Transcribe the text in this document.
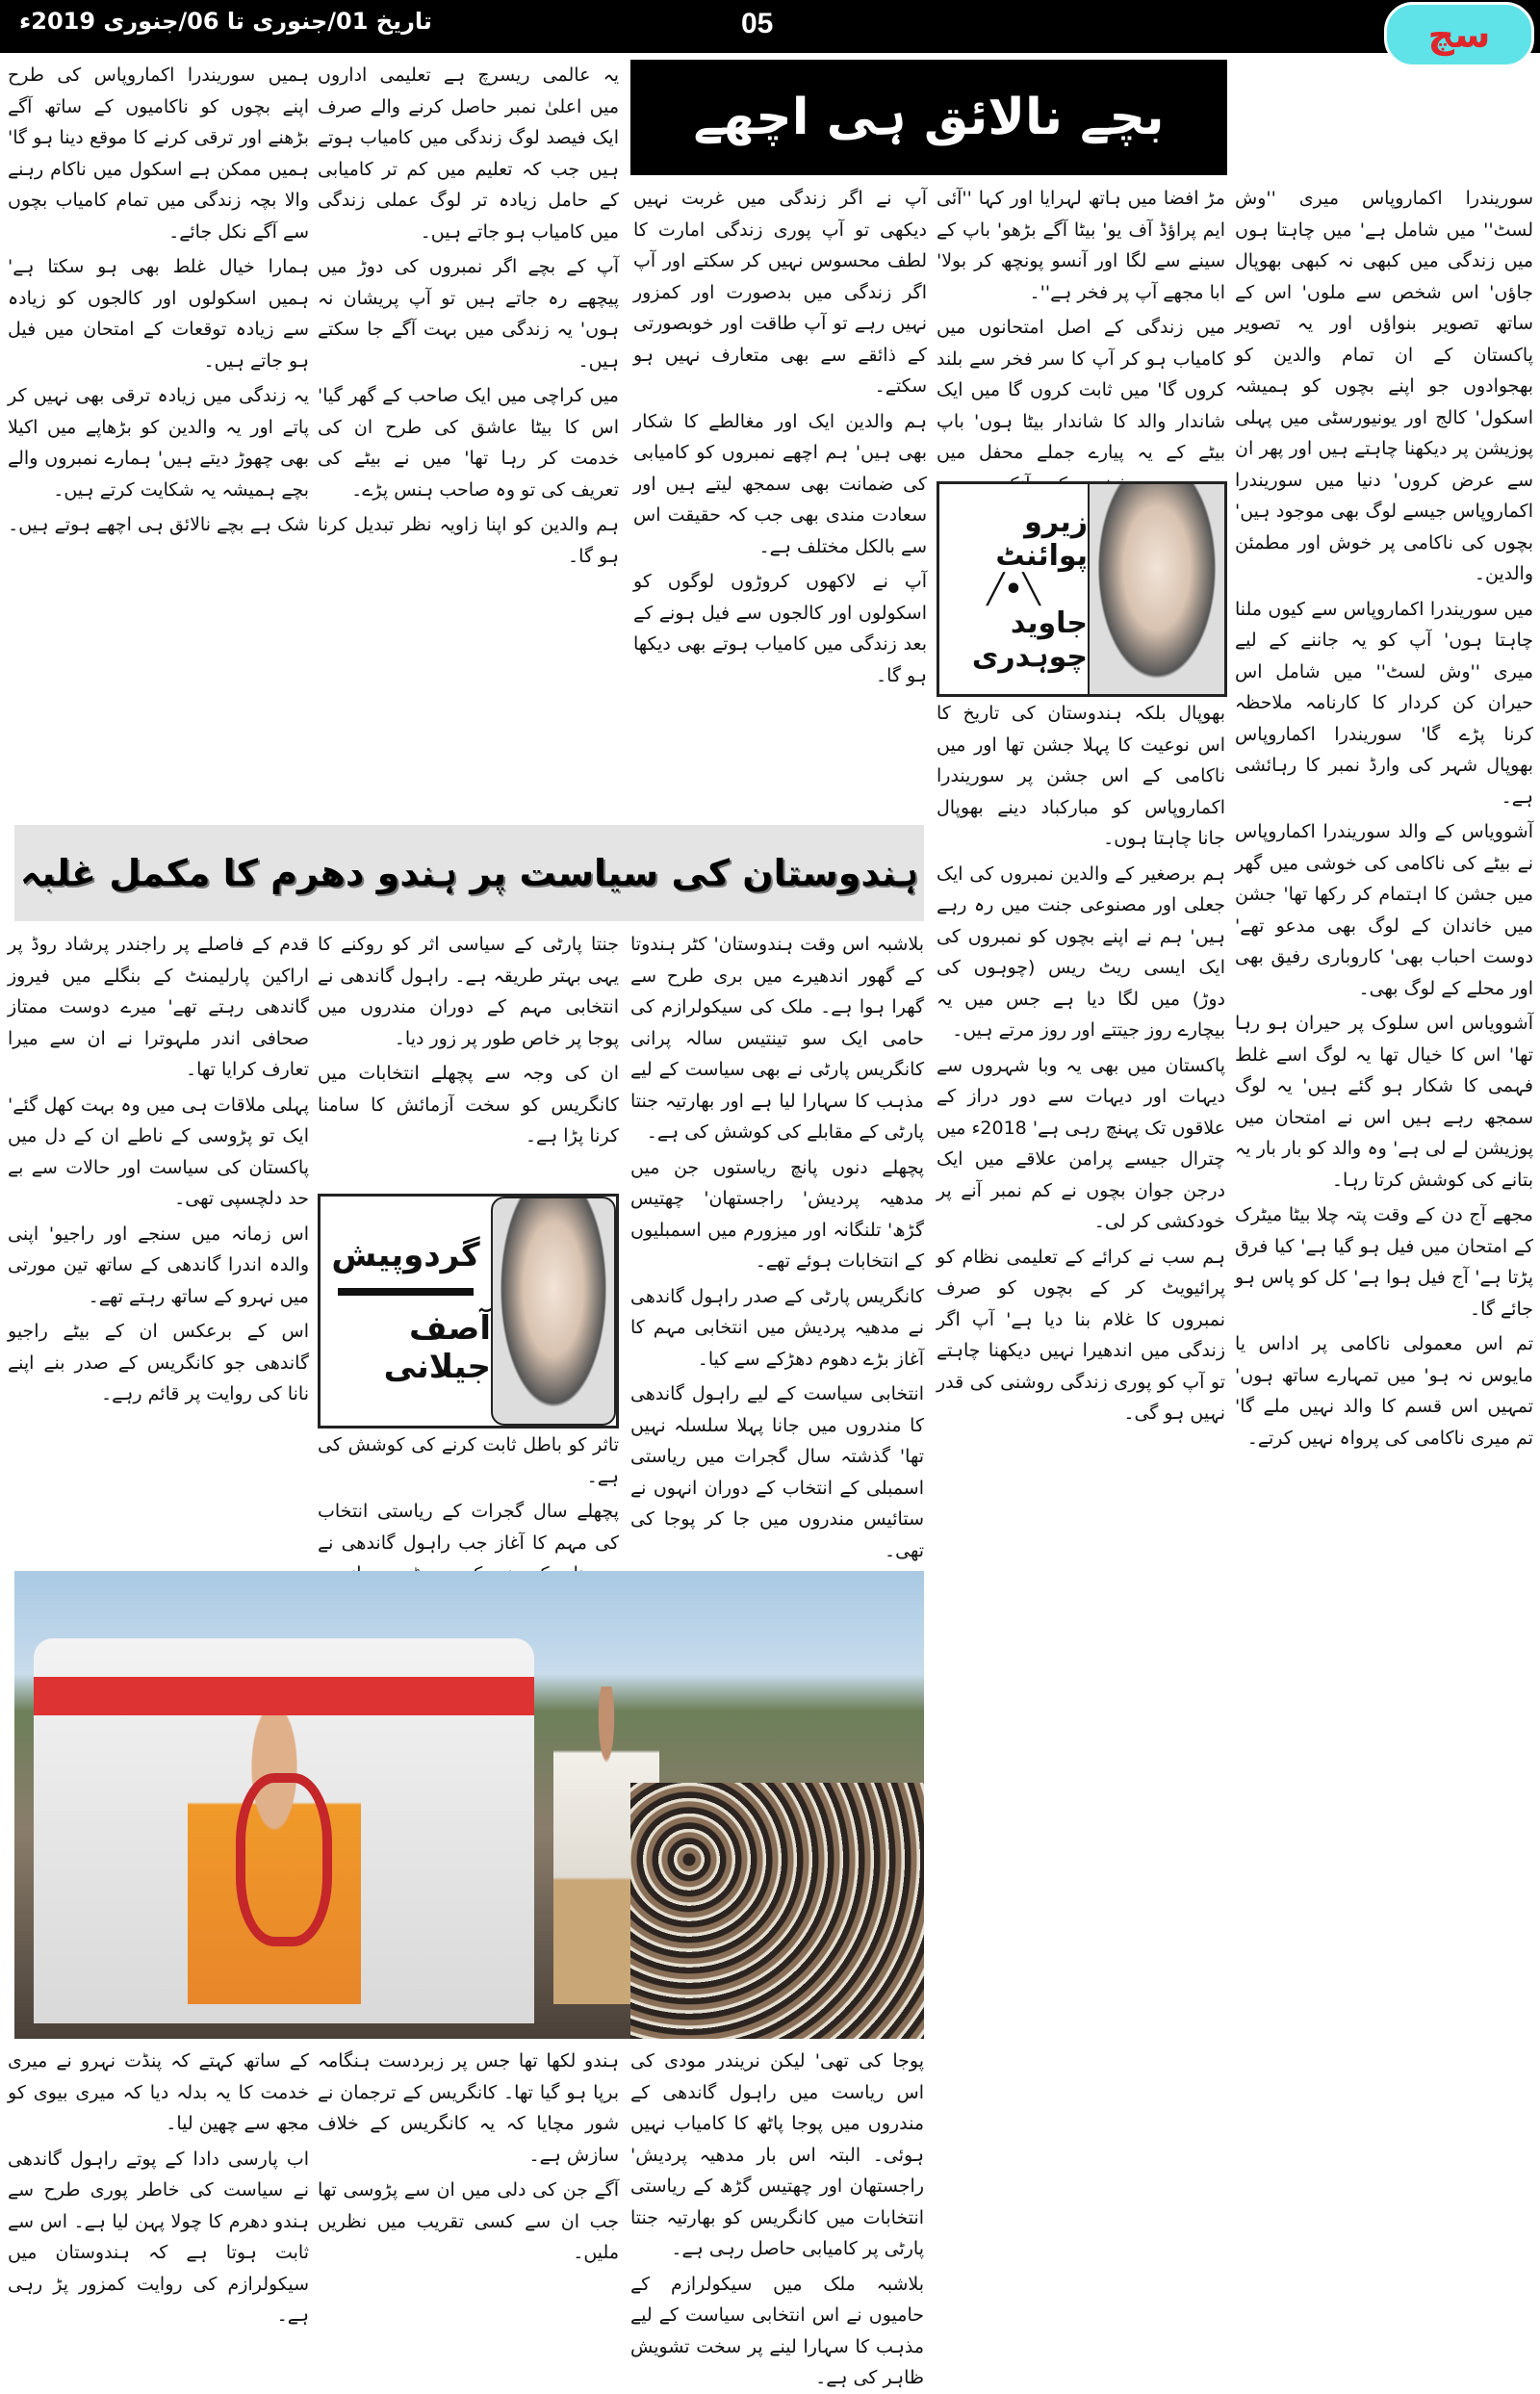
تاریخ 01/جنوری تا 06/جنوری 2019ء	05	سچ
بچے نالائق ہی اچھے

سوریندرا اکماروپاس میری ''وش لسٹ'' میں شامل ہے' میں چاہتا ہوں میں زندگی میں کبھی نہ کبھی بھوپال جاؤں' اس شخص سے ملوں' اس کے ساتھ تصویر بنواؤں اور یہ تصویر پاکستان کے ان تمام والدین کو بھجوادوں جو اپنے بچوں کو ہمیشہ اسکول' کالج اور یونیورسٹی میں پہلی پوزیشن پر دیکھنا چاہتے ہیں اور پھر ان سے عرض کروں' دنیا میں سوریندرا اکماروپاس جیسے لوگ بھی موجود ہیں' بچوں کی ناکامی پر خوش اور مطمئن والدین۔

میں سوریندرا اکماروپاس سے کیوں ملنا چاہتا ہوں' آپ کو یہ جاننے کے لیے میری ''وش لسٹ'' میں شامل اس حیران کن کردار کا کارنامہ ملاحظہ کرنا پڑے گا' سوریندرا اکماروپاس بھوپال شہر کی وارڈ نمبر کا رہائشی ہے۔

آشوویاس کے والد سوریندرا اکماروپاس نے بیٹے کی ناکامی کی خوشی میں گھر میں جشن کا اہتمام کر رکھا تھا' جشن میں خاندان کے لوگ بھی مدعو تھے' دوست احباب بھی' کاروباری رفیق بھی اور محلے کے لوگ بھی۔

آشوویاس اس سلوک پر حیران ہو رہا تھا' اس کا خیال تھا یہ لوگ اسے غلط فہمی کا شکار ہو گئے ہیں' یہ لوگ سمجھ رہے ہیں اس نے امتحان میں پوزیشن لے لی ہے' وہ والد کو بار بار یہ بتانے کی کوشش کرتا رہا۔

مجھے آج دن کے وقت پتہ چلا بیٹا میٹرک کے امتحان میں فیل ہو گیا ہے' کیا فرق پڑتا ہے' آج فیل ہوا ہے' کل کو پاس ہو جائے گا۔

تم اس معمولی ناکامی پر اداس یا مایوس نہ ہو' میں تمہارے ساتھ ہوں' تمہیں اس قسم کا والد نہیں ملے گا' تم میری ناکامی کی پرواہ نہیں کرتے۔

مڑ افضا میں ہاتھ لہرایا اور کہا ''آئی ایم پراؤڈ آف یو' بیٹا آگے بڑھو' باپ کے سینے سے لگا اور آنسو پونچھ کر بولا' ابا مجھے آپ پر فخر ہے''۔

میں زندگی کے اصل امتحانوں میں کامیاب ہو کر آپ کا سر فخر سے بلند کروں گا' میں ثابت کروں گا میں ایک شاندار والد کا شاندار بیٹا ہوں' باپ بیٹے کے یہ پیارے جملے محفل میں

زیرو پوائنٹ
╲•╱
جاوید چوہدری

بھوپال بلکہ ہندوستان کی تاریخ کا اس نوعیت کا پہلا جشن تھا اور میں ناکامی کے اس جشن پر سوریندرا اکماروپاس کو مبارکباد دینے بھوپال جانا چاہتا ہوں۔

ہم برصغیر کے والدین نمبروں کی ایک جعلی اور مصنوعی جنت میں رہ رہے ہیں' ہم نے اپنے بچوں کو نمبروں کی ایک ایسی ریٹ ریس (چوہوں کی دوڑ) میں لگا دیا ہے جس میں یہ بیچارے روز جیتتے اور روز مرتے ہیں۔

پاکستان میں بھی یہ وبا شہروں سے دیہات اور دیہات سے دور دراز کے علاقوں تک پہنچ رہی ہے' 2018ء میں چترال جیسے پرامن علاقے میں ایک درجن جوان بچوں نے کم نمبر آنے پر خودکشی کر لی۔

ہم سب نے کرائے کے تعلیمی نظام کو پرائیویٹ کر کے بچوں کو صرف نمبروں کا غلام بنا دیا ہے' آپ اگر زندگی میں اندھیرا نہیں دیکھنا چاہتے تو آپ کو پوری زندگی روشنی کی قدر نہیں ہو گی۔

آپ نے اگر زندگی میں غربت نہیں دیکھی تو آپ پوری زندگی امارت کا لطف محسوس نہیں کر سکتے اور آپ اگر زندگی میں بدصورت اور کمزور نہیں رہے تو آپ طاقت اور خوبصورتی کے ذائقے سے بھی متعارف نہیں ہو سکتے۔

ہم والدین ایک اور مغالطے کا شکار بھی ہیں' ہم اچھے نمبروں کو کامیابی کی ضمانت بھی سمجھ لیتے ہیں اور سعادت مندی بھی جب کہ حقیقت اس سے بالکل مختلف ہے۔

آپ نے لاکھوں کروڑوں لوگوں کو اسکولوں اور کالجوں سے فیل ہونے کے بعد زندگی میں کامیاب ہوتے بھی دیکھا ہو گا۔

یہ عالمی ریسرچ ہے تعلیمی اداروں میں اعلیٰ نمبر حاصل کرنے والے صرف ایک فیصد لوگ زندگی میں کامیاب ہوتے ہیں جب کہ تعلیم میں کم تر کامیابی کے حامل زیادہ تر لوگ عملی زندگی میں کامیاب ہو جاتے ہیں۔

آپ کے بچے اگر نمبروں کی دوڑ میں پیچھے رہ جاتے ہیں تو آپ پریشان نہ ہوں' یہ زندگی میں بہت آگے جا سکتے ہیں۔

میں کراچی میں ایک صاحب کے گھر گیا' اس کا بیٹا عاشق کی طرح ان کی خدمت کر رہا تھا' میں نے بیٹے کی تعریف کی تو وہ صاحب ہنس پڑے۔

ہم والدین کو اپنا زاویہ نظر تبدیل کرنا ہو گا۔

ہمیں سوریندرا اکماروپاس کی طرح اپنے بچوں کو ناکامیوں کے ساتھ آگے بڑھنے اور ترقی کرنے کا موقع دینا ہو گا' ہمیں ممکن ہے اسکول میں ناکام رہنے والا بچہ زندگی میں تمام کامیاب بچوں سے آگے نکل جائے۔

ہمارا خیال غلط بھی ہو سکتا ہے' ہمیں اسکولوں اور کالجوں کو زیادہ سے زیادہ توقعات کے امتحان میں فیل ہو جاتے ہیں۔

یہ زندگی میں زیادہ ترقی بھی نہیں کر پاتے اور یہ والدین کو بڑھاپے میں اکیلا بھی چھوڑ دیتے ہیں' ہمارے نمبروں والے بچے ہمیشہ یہ شکایت کرتے ہیں۔

شک ہے بچے نالائق ہی اچھے ہوتے ہیں۔

ہندوستان کی سیاست پر ہندو دھرم کا مکمل غلبہ

بلاشبہ اس وقت ہندوستان' کٹر ہندوتا کے گھور اندھیرے میں بری طرح سے گھرا ہوا ہے۔ ملک کی سیکولرازم کی حامی ایک سو تینتیس سالہ پرانی کانگریس پارٹی نے بھی سیاست کے لیے مذہب کا سہارا لیا ہے اور بھارتیہ جنتا پارٹی کے مقابلے کی کوشش کی ہے۔

پچھلے دنوں پانچ ریاستوں جن میں مدھیہ پردیش' راجستھان' چھتیس گڑھ' تلنگانہ اور میزورم میں اسمبلیوں کے انتخابات ہوئے تھے۔

کانگریس پارٹی کے صدر راہول گاندھی نے مدھیہ پردیش میں انتخابی مہم کا آغاز بڑے دھوم دھڑکے سے کیا۔

انتخابی سیاست کے لیے راہول گاندھی کا مندروں میں جانا پہلا سلسلہ نہیں تھا' گذشتہ سال گجرات میں ریاستی اسمبلی کے انتخاب کے دوران انہوں نے ستائیس مندروں میں جا کر پوجا کی تھی۔

جنتا پارٹی کے سیاسی اثر کو روکنے کا یہی بہتر طریقہ ہے۔ راہول گاندھی نے انتخابی مہم کے دوران مندروں میں پوجا پر خاص طور پر زور دیا۔

ان کی وجہ سے پچھلے انتخابات میں کانگریس کو سخت آزمائش کا سامنا کرنا پڑا ہے۔

گردوپیش
آصف جیلانی

تاثر کو باطل ثابت کرنے کی کوشش کی ہے۔

پچھلے سال گجرات کے ریاستی انتخاب کی مہم کا آغاز جب راہول گاندھی نے

قدم کے فاصلے پر راجندر پرشاد روڈ پر اراکین پارلیمنٹ کے بنگلے میں فیروز گاندھی رہتے تھے' میرے دوست ممتاز صحافی اندر ملہوترا نے ان سے میرا تعارف کرایا تھا۔

پہلی ملاقات ہی میں وہ بہت کھل گئے' ایک تو پڑوسی کے ناطے ان کے دل میں پاکستان کی سیاست اور حالات سے بے حد دلچسپی تھی۔

اس زمانہ میں سنجے اور راجیو' اپنی والدہ اندرا گاندھی کے ساتھ تین مورتی میں نہرو کے ساتھ رہتے تھے۔

اس کے برعکس ان کے بیٹے راجیو گاندھی جو کانگریس کے صدر بنے اپنے نانا کی روایت پر قائم رہے۔

پوجا کی تھی' لیکن نریندر مودی کی اس ریاست میں راہول گاندھی کے مندروں میں پوجا پاٹھ کا کامیاب نہیں ہوئی۔ البتہ اس بار مدھیہ پردیش' راجستھان اور چھتیس گڑھ کے ریاستی انتخابات میں کانگریس کو بھارتیہ جنتا پارٹی پر کامیابی حاصل رہی ہے۔

بلاشبہ ملک میں سیکولرازم کے حامیوں نے اس انتخابی سیاست کے لیے مذہب کا سہارا لینے پر سخت تشویش ظاہر کی ہے۔

ہندو لکھا تھا جس پر زبردست ہنگامہ برپا ہو گیا تھا۔ کانگریس کے ترجمان نے شور مچایا کہ یہ کانگریس کے خلاف سازش ہے۔

آگے جن کی دلی میں ان سے پڑوسی تھا جب ان سے کسی تقریب میں نظریں ملیں۔

کے ساتھ کہتے کہ پنڈت نہرو نے میری خدمت کا یہ بدلہ دیا کہ میری بیوی کو مجھ سے چھین لیا۔

اب پارسی دادا کے پوتے راہول گاندھی نے سیاست کی خاطر پوری طرح سے ہندو دھرم کا چولا پہن لیا ہے۔ اس سے ثابت ہوتا ہے کہ ہندوستان میں سیکولرازم کی روایت کمزور پڑ رہی ہے۔
